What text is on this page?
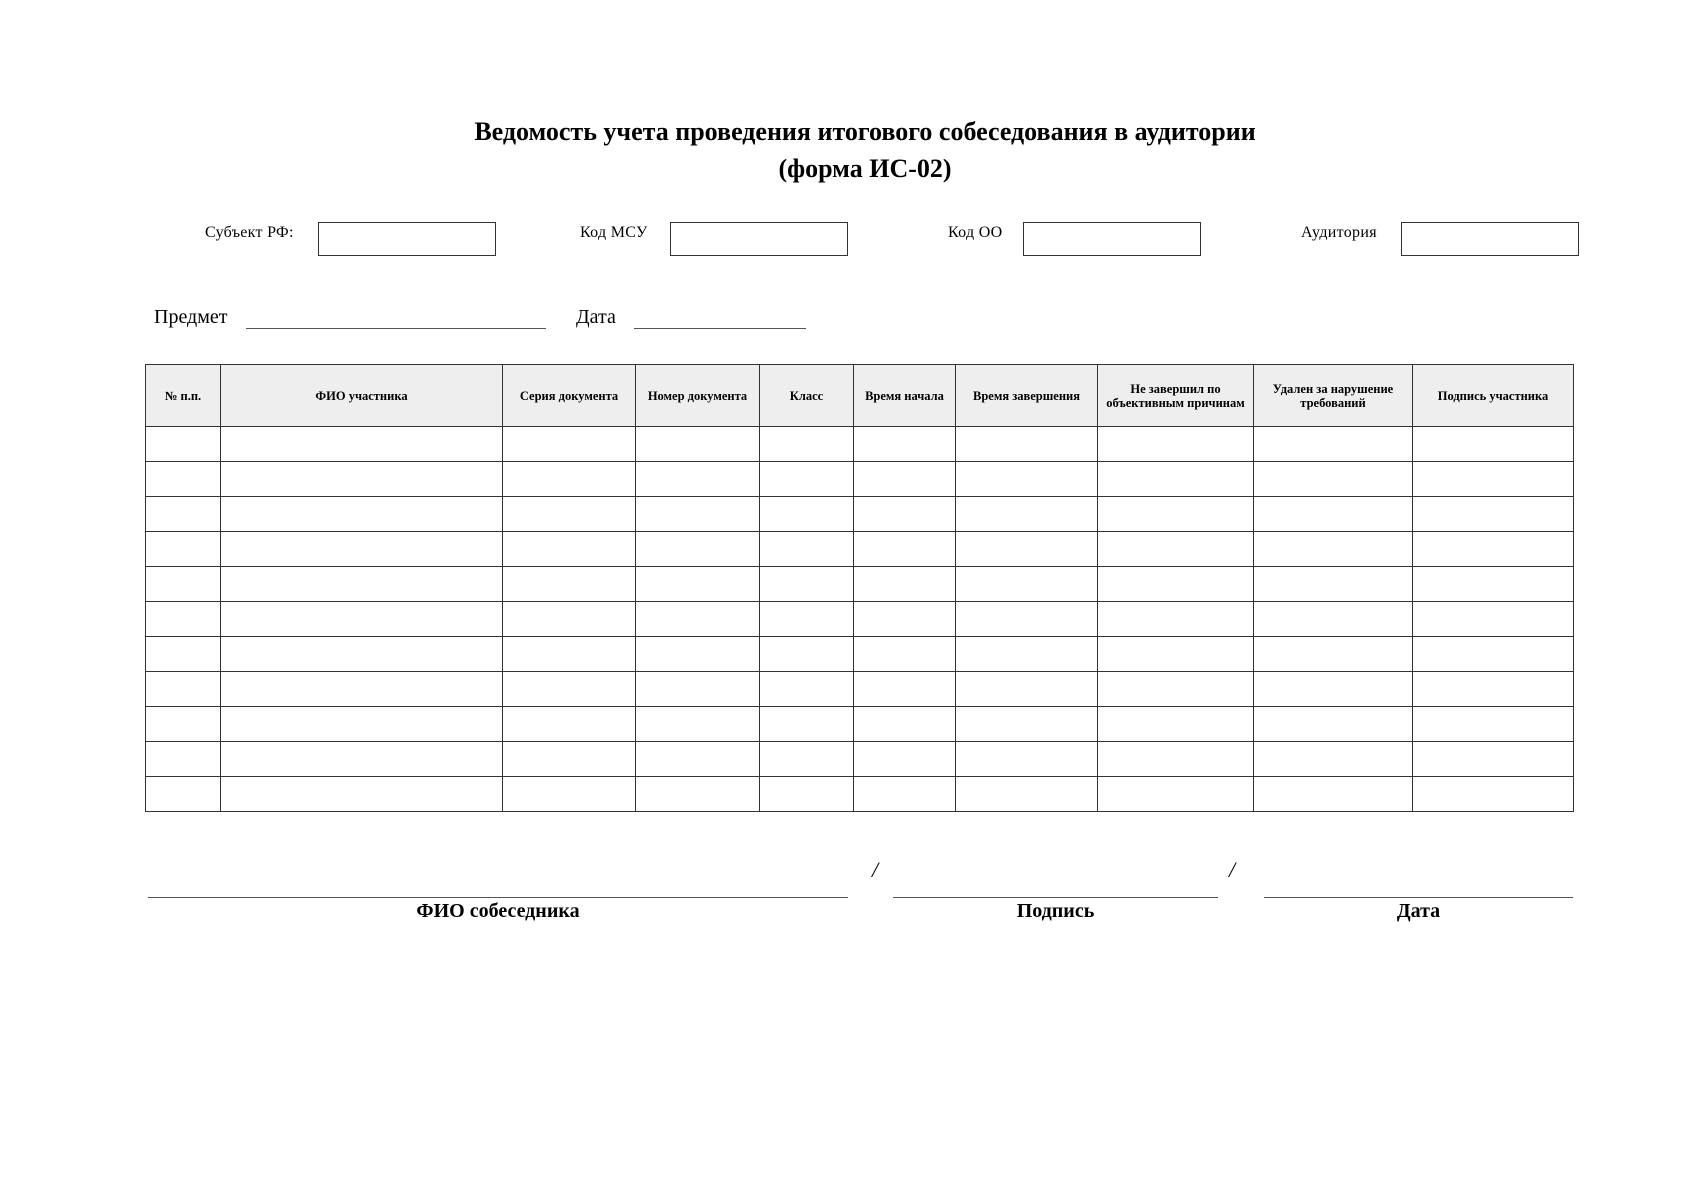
Ведомость учета проведения итогового собеседования в аудитории
(форма ИС-02)
Субъект РФ:	Код МСУ	Код ОО	Аудитория
Предмет	Дата
№ п.п.	ФИО участника	Серия документа	Номер документа	Класс	Время начала	Время завершения	Не завершил по объективным причинам	Удален за нарушение требований	Подпись участника

/	/
ФИО собеседника	Подпись	Дата
